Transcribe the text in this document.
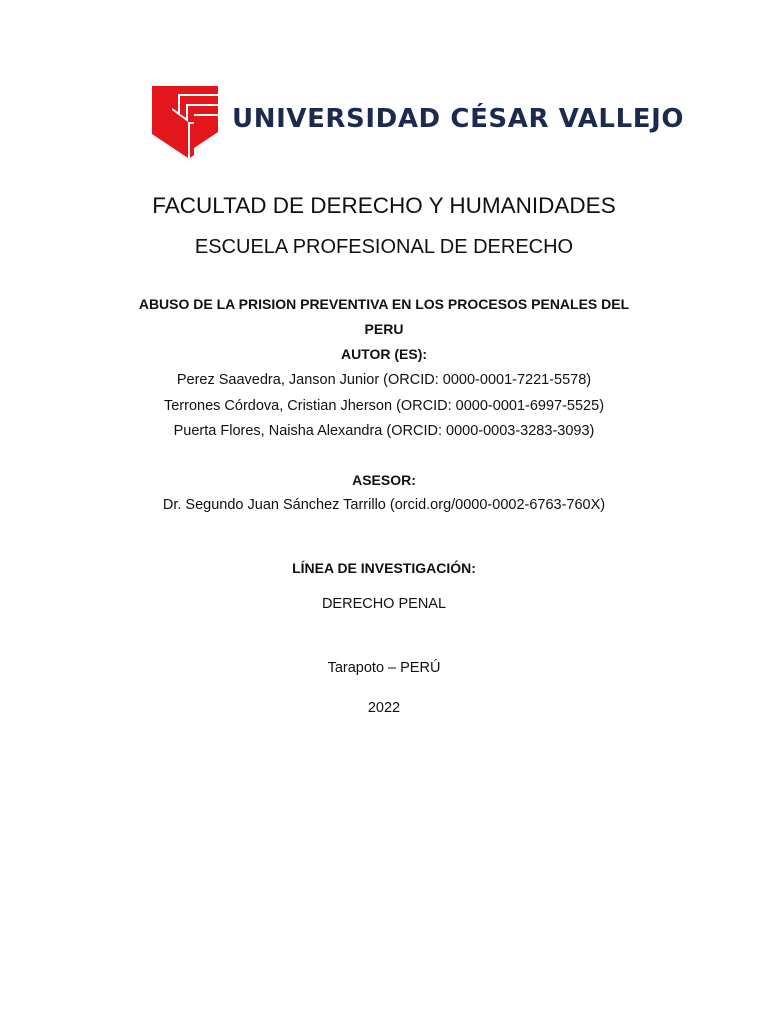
UNIVERSIDAD CÉSAR VALLEJO
FACULTAD DE DERECHO Y HUMANIDADES
ESCUELA PROFESIONAL DE DERECHO
ABUSO DE LA PRISION PREVENTIVA EN LOS PROCESOS PENALES DEL
PERU
AUTOR (ES):
Perez Saavedra, Janson Junior (ORCID: 0000-0001-7221-5578)
Terrones Córdova, Cristian Jherson (ORCID: 0000-0001-6997-5525)
Puerta Flores, Naisha Alexandra (ORCID: 0000-0003-3283-3093)
ASESOR:
Dr. Segundo Juan Sánchez Tarrillo (orcid.org/0000-0002-6763-760X)
LÍNEA DE INVESTIGACIÓN:
DERECHO PENAL
Tarapoto – PERÚ
2022
